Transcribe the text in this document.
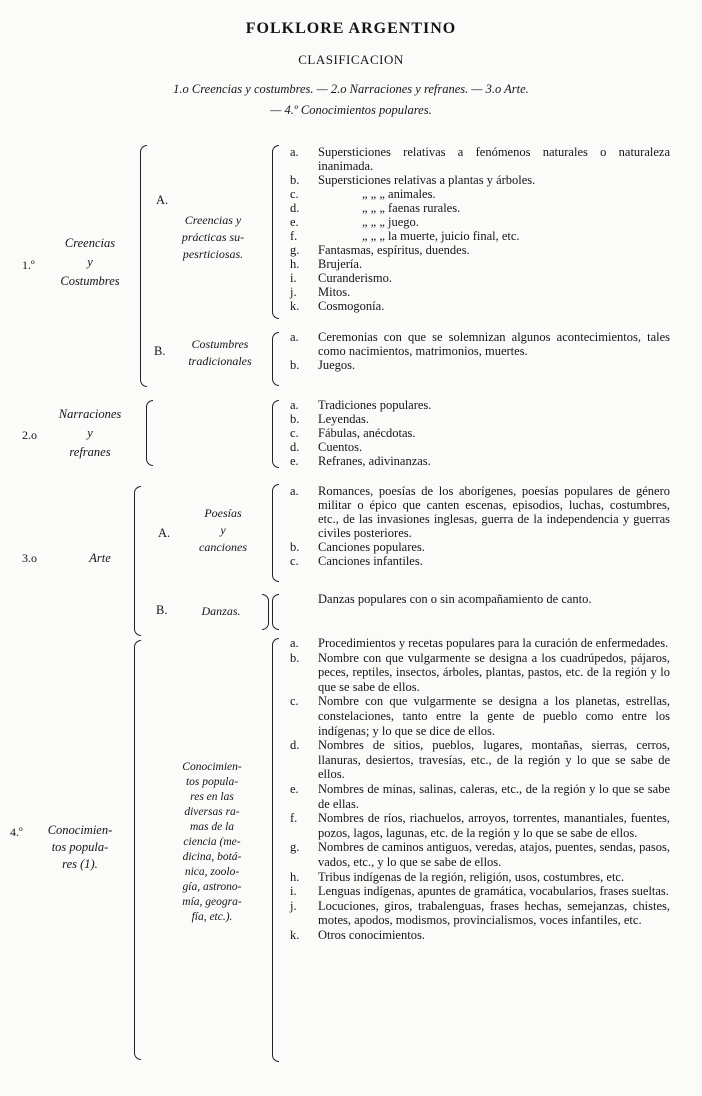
FOLKLORE ARGENTINO
CLASIFICACION
1.o Creencias y costumbres. — 2.o Narraciones y refranes. — 3.o Arte.
— 4.º Conocimientos populares.
1.º
Creencias
y
Costumbres
A.
Creencias y
prácticas su-
pesrticiosas.
a.	Supersticiones relativas a fenómenos naturales o naturaleza inanimada.
b.	Supersticiones relativas a plantas y árboles.
c.	„ „ „ animales.
d.	„ „ „ faenas rurales.
e.	„ „ „ juego.
f.	„ „ „ la muerte, juicio final, etc.
g.	Fantasmas, espíritus, duendes.
h.	Brujería.
i.	Curanderismo.
j.	Mitos.
k.	Cosmogonía.
B.	Costumbres
tradicionales
a.	Ceremonias con que se solemnizan algunos acontecimientos, tales como nacimientos, matrimonios, muertes.
b.	Juegos.
2.o
Narraciones
y
refranes
a.	Tradiciones populares.
b.	Leyendas.
c.	Fábulas, anécdotas.
d.	Cuentos.
e.	Refranes, adivinanzas.
3.o	Arte
A.
Poesías
y
canciones
a.	Romances, poesías de los aborígenes, poesías populares de género militar o épico que canten escenas, episodios, luchas, costumbres, etc., de las invasiones inglesas, guerra de la independencia y guerras civiles posteriores.
b.	Canciones populares.
c.	Canciones infantiles.
B.	Danzas.
Danzas populares con o sin acompañamiento de canto.
4.º	Conocimien-
tos popula-
res (1).
Conocimien-
tos popula-
res en las
diversas ra-
mas de la
ciencia (me-
dicina, botá-
nica, zoolo-
gía, astrono-
mía, geogra-
fía, etc.).
a.	Procedimientos y recetas populares para la curación de enfermedades.
b.	Nombre con que vulgarmente se designa a los cuadrúpedos, pájaros, peces, reptiles, insectos, árboles, plantas, pastos, etc. de la región y lo que se sabe de ellos.
c.	Nombre con que vulgarmente se designa a los planetas, estrellas, constelaciones, tanto entre la gente de pueblo como entre los indígenas; y lo que se dice de ellos.
d.	Nombres de sitios, pueblos, lugares, montañas, sierras, cerros, llanuras, desiertos, travesías, etc., de la región y lo que se sabe de ellos.
e.	Nombres de minas, salinas, caleras, etc., de la región y lo que se sabe de ellas.
f.	Nombres de ríos, riachuelos, arroyos, torrentes, manantiales, fuentes, pozos, lagos, lagunas, etc. de la región y lo que se sabe de ellos.
g.	Nombres de caminos antiguos, veredas, atajos, puentes, sendas, pasos, vados, etc., y lo que se sabe de ellos.
h.	Tribus indígenas de la región, religión, usos, costumbres, etc.
i.	Lenguas indígenas, apuntes de gramática, vocabularios, frases sueltas.
j.	Locuciones, giros, trabalenguas, frases hechas, semejanzas, chistes, motes, apodos, modismos, provincialismos, voces infantiles, etc.
k.	Otros conocimientos.
